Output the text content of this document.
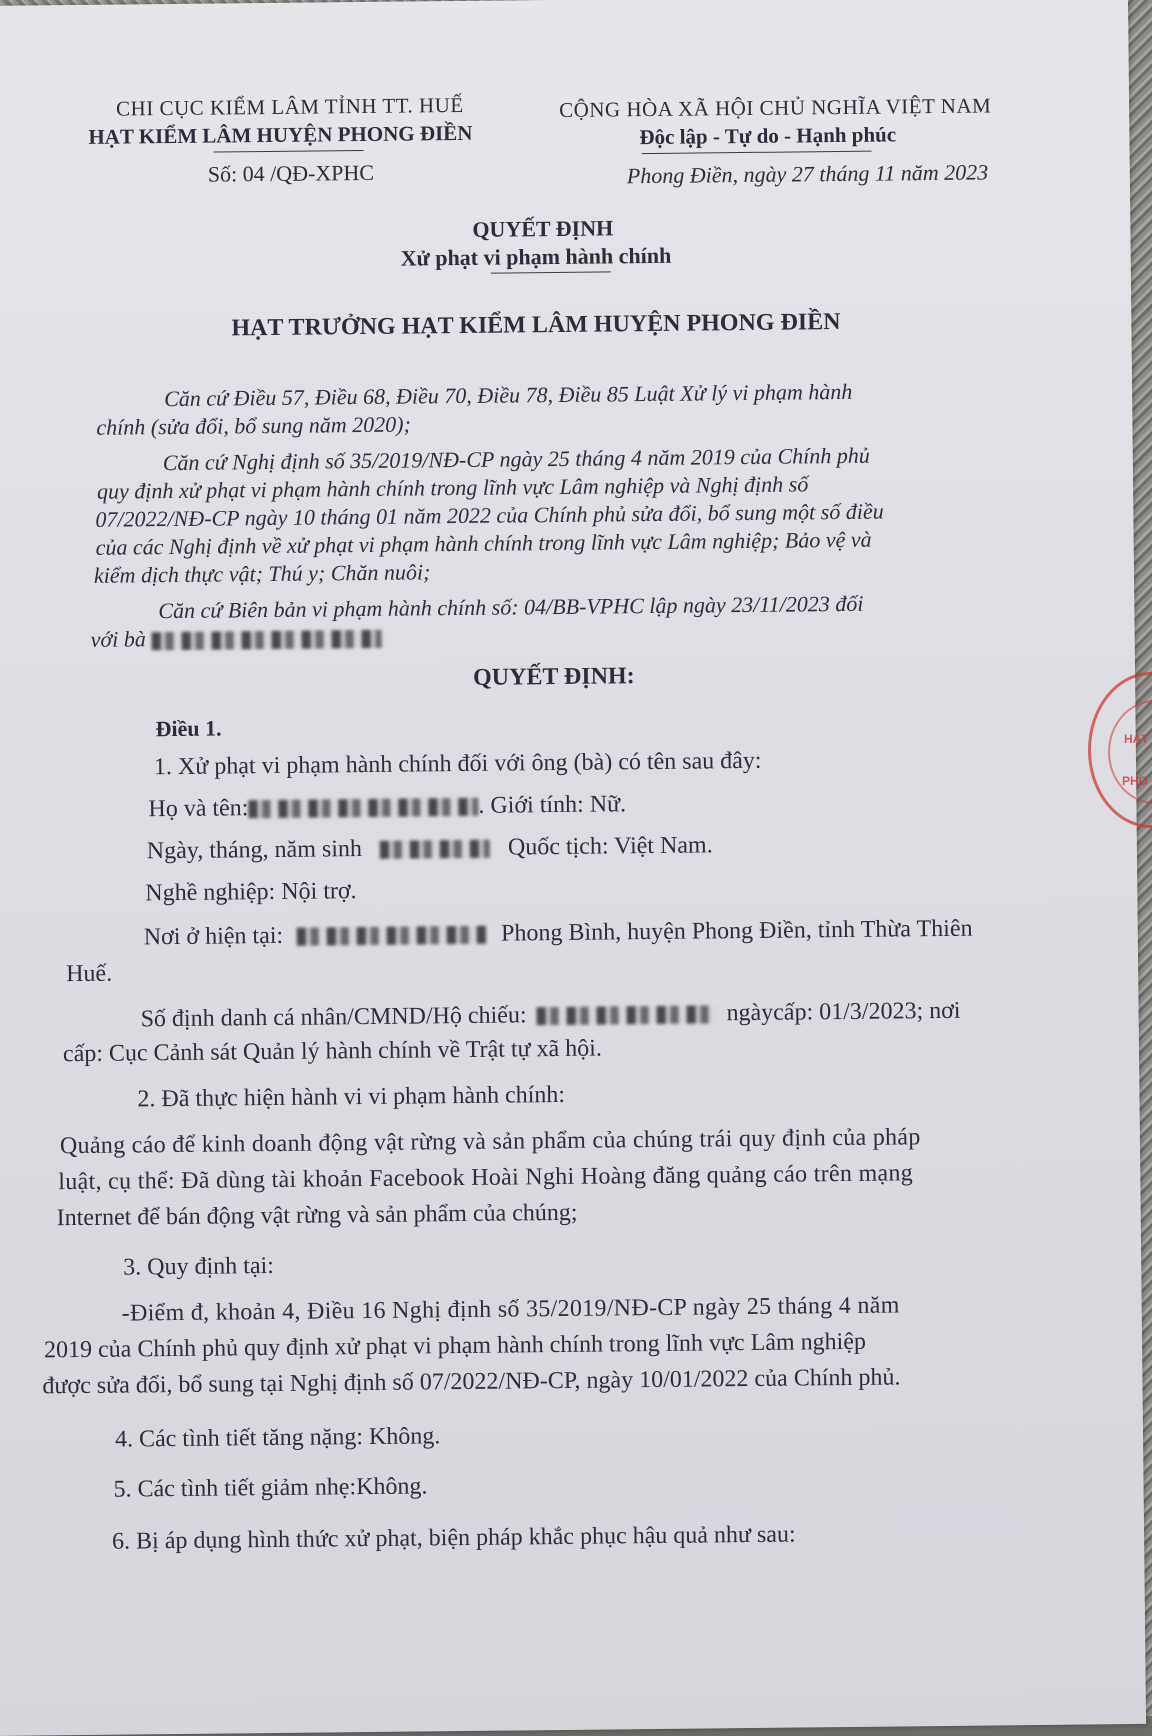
CHI CỤC KIỂM LÂM TỈNH TT. HUẾ
HẠT KIỂM LÂM HUYỆN PHONG ĐIỀN
Số: 04 /QĐ-XPHC
CỘNG HÒA XÃ HỘI CHỦ NGHĨA VIỆT NAM
Độc lập - Tự do - Hạnh phúc
Phong Điền, ngày 27 tháng 11 năm 2023
QUYẾT ĐỊNH
Xử phạt vi phạm hành chính
HẠT TRƯỞNG HẠT KIỂM LÂM HUYỆN PHONG ĐIỀN
Căn cứ Điều 57, Điều 68, Điều 70, Điều 78, Điều 85 Luật Xử lý vi phạm hành
chính (sửa đổi, bổ sung năm 2020);
Căn cứ Nghị định số 35/2019/NĐ-CP ngày 25 tháng 4 năm 2019 của Chính phủ
quy định xử phạt vi phạm hành chính trong lĩnh vực Lâm nghiệp và Nghị định số
07/2022/NĐ-CP ngày 10 tháng 01 năm 2022 của Chính phủ sửa đổi, bổ sung một số điều
của các Nghị định về xử phạt vi phạm hành chính trong lĩnh vực Lâm nghiệp; Bảo vệ và
kiểm dịch thực vật; Thú y; Chăn nuôi;
Căn cứ Biên bản vi phạm hành chính số: 04/BB-VPHC lập ngày 23/11/2023 đối
với bà
QUYẾT ĐỊNH:
Điều 1.
1. Xử phạt vi phạm hành chính đối với ông (bà) có tên sau đây:
Họ và tên:	. Giới tính: Nữ.
Ngày, tháng, năm sinh	Quốc tịch: Việt Nam.
Nghề nghiệp: Nội trợ.
Nơi ở hiện tại:	Phong Bình, huyện Phong Điền, tỉnh Thừa Thiên
Huế.
Số định danh cá nhân/CMND/Hộ chiếu:	ngàycấp: 01/3/2023; nơi
cấp: Cục Cảnh sát Quản lý hành chính về Trật tự xã hội.
2. Đã thực hiện hành vi vi phạm hành chính:
Quảng cáo để kinh doanh động vật rừng và sản phẩm của chúng trái quy định của pháp
luật, cụ thể: Đã dùng tài khoản Facebook Hoài Nghi Hoàng đăng quảng cáo trên mạng
Internet để bán động vật rừng và sản phẩm của chúng;
3. Quy định tại:
-Điểm đ, khoản 4, Điều 16 Nghị định số 35/2019/NĐ-CP ngày 25 tháng 4 năm
2019 của Chính phủ quy định xử phạt vi phạm hành chính trong lĩnh vực Lâm nghiệp
được sửa đổi, bổ sung tại Nghị định số 07/2022/NĐ-CP, ngày 10/01/2022 của Chính phủ.
4. Các tình tiết tăng nặng: Không.
5. Các tình tiết giảm nhẹ:Không.
6. Bị áp dụng hình thức xử phạt, biện pháp khắc phục hậu quả như sau:
HẠT
PHO
